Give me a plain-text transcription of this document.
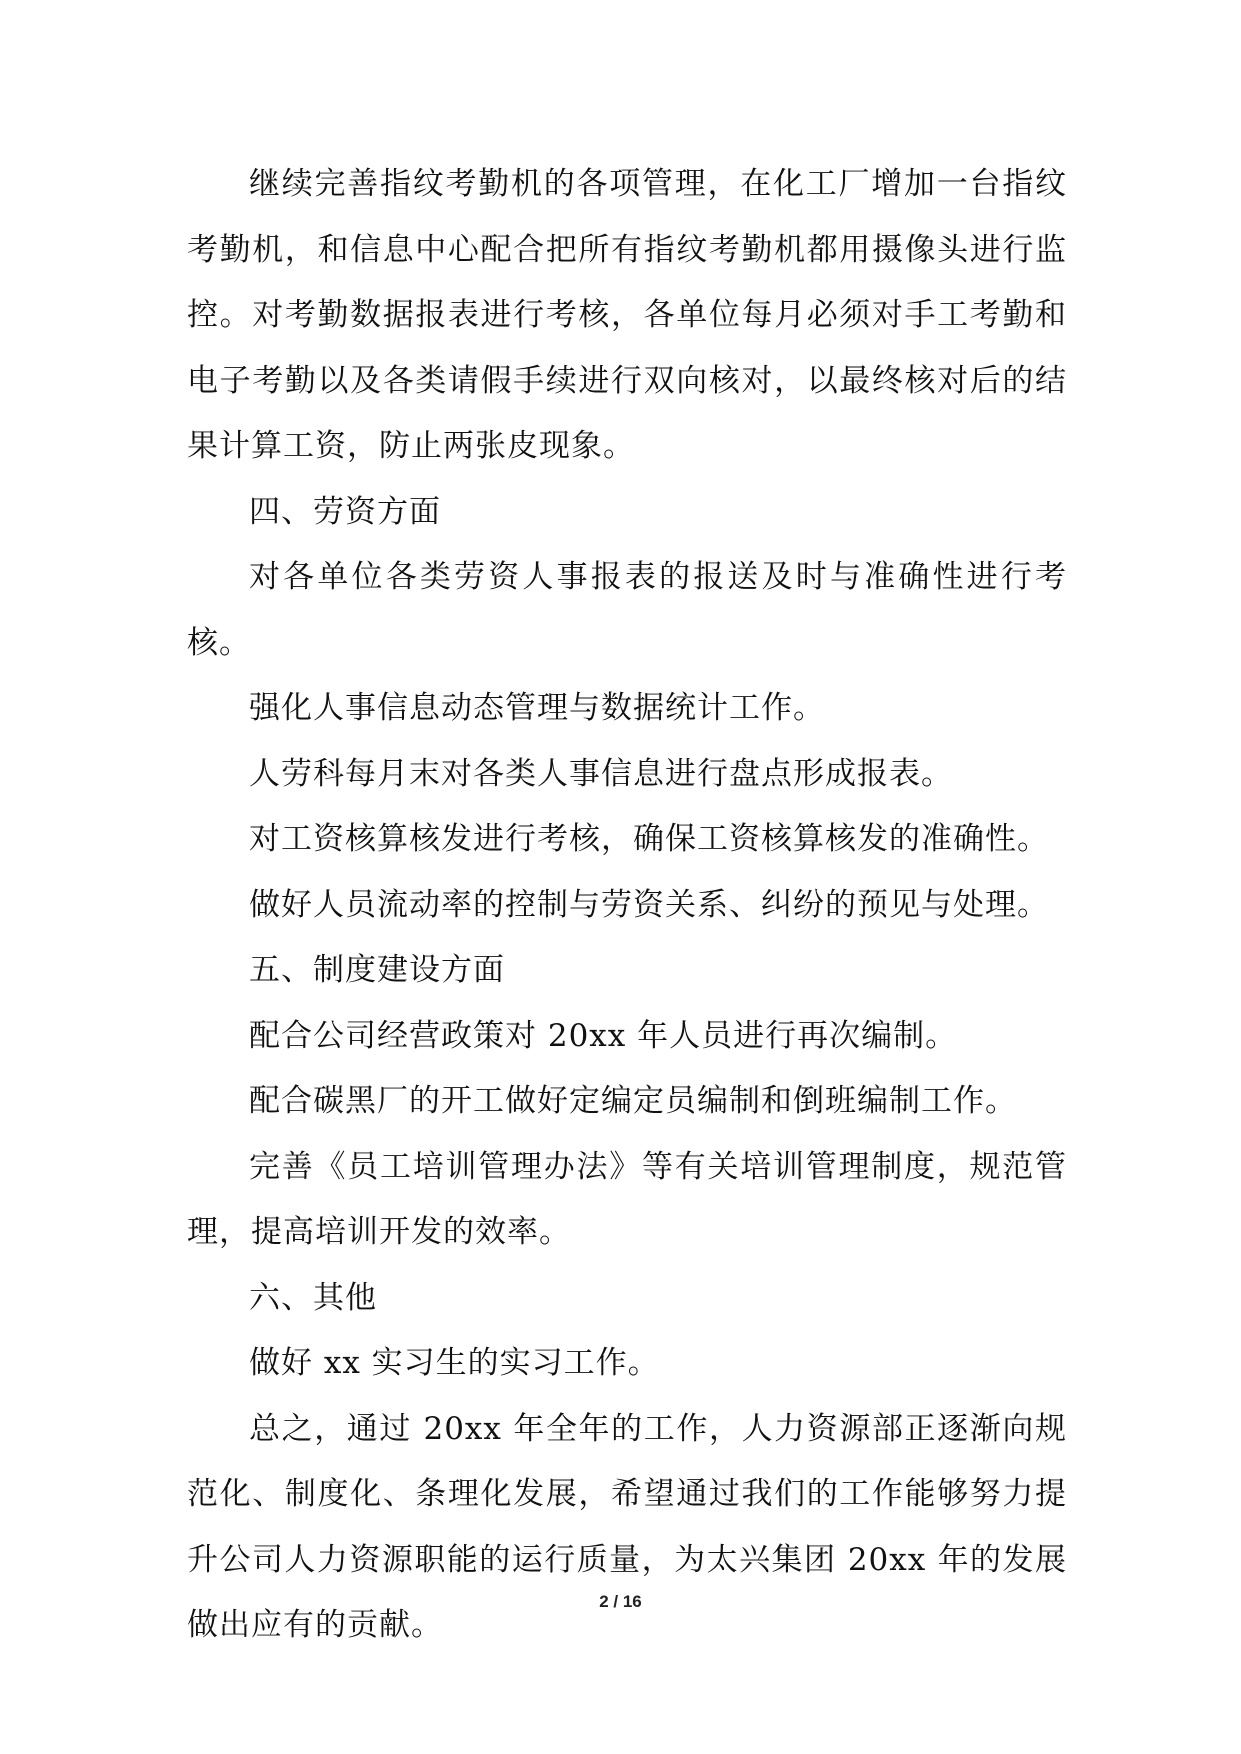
继续完善指纹考勤机的各项管理，在化工厂增加一台指纹考勤机，和信息中心配合把所有指纹考勤机都用摄像头进行监控。对考勤数据报表进行考核，各单位每月必须对手工考勤和电子考勤以及各类请假手续进行双向核对，以最终核对后的结果计算工资，防止两张皮现象。

四、劳资方面

对各单位各类劳资人事报表的报送及时与准确性进行考核。

强化人事信息动态管理与数据统计工作。

人劳科每月末对各类人事信息进行盘点形成报表。

对工资核算核发进行考核，确保工资核算核发的准确性。

做好人员流动率的控制与劳资关系、纠纷的预见与处理。

五、制度建设方面

配合公司经营政策对 20xx 年人员进行再次编制。

配合碳黑厂的开工做好定编定员编制和倒班编制工作。

完善《员工培训管理办法》等有关培训管理制度，规范管理，提高培训开发的效率。

六、其他

做好 xx 实习生的实习工作。

总之，通过 20xx 年全年的工作，人力资源部正逐渐向规范化、制度化、条理化发展，希望通过我们的工作能够努力提升公司人力资源职能的运行质量，为太兴集团 20xx 年的发展做出应有的贡献。

2 / 16
